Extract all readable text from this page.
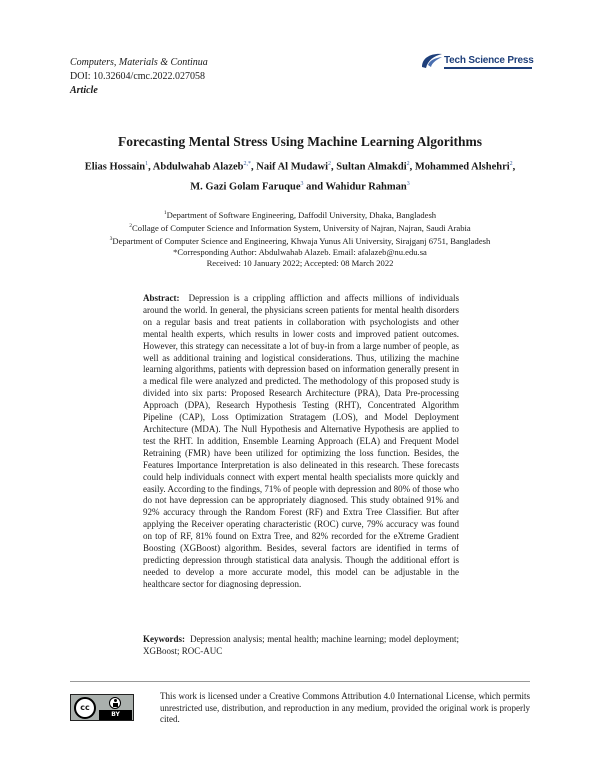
Computers, Materials & Continua
DOI: 10.32604/cmc.2022.027058
Article
Tech Science Press
Forecasting Mental Stress Using Machine Learning Algorithms
Elias Hossain$^1$, Abdulwahab Alazeb$^{2,*}$, Naif Al Mudawi$^2$, Sultan Almakdi$^2$, Mohammed Alshehri$^2$,
M. Gazi Golam Faruque$^3$ and Wahidur Rahman$^3$
$^1$Department of Software Engineering, Daffodil University, Dhaka, Bangladesh
$^2$Collage of Computer Science and Information System, University of Najran, Najran, Saudi Arabia
$^3$Department of Computer Science and Engineering, Khwaja Yunus Ali University, Sirajganj 6751, Bangladesh
*Corresponding Author: Abdulwahab Alazeb. Email: afalazeb@nu.edu.sa
Received: 10 January 2022; Accepted: 08 March 2022
Abstract: Depression is a crippling affliction and affects millions of individuals around the world. In general, the physicians screen patients for mental health disorders on a regular basis and treat patients in collaboration with psychologists and other mental health experts, which results in lower costs and improved patient outcomes. However, this strategy can necessitate a lot of buy-in from a large number of people, as well as additional training and logistical considerations. Thus, utilizing the machine learning algorithms, patients with depression based on information generally present in a medical file were analyzed and predicted. The methodology of this proposed study is divided into six parts: Proposed Research Architecture (PRA), Data Pre-processing Approach (DPA), Research Hypothesis Testing (RHT), Concentrated Algorithm Pipeline (CAP), Loss Optimization Stratagem (LOS), and Model Deployment Architecture (MDA). The Null Hypothesis and Alternative Hypothesis are applied to test the RHT. In addition, Ensemble Learning Approach (ELA) and Frequent Model Retraining (FMR) have been utilized for optimizing the loss function. Besides, the Features Importance Interpretation is also delineated in this research. These forecasts could help individuals connect with expert mental health specialists more quickly and easily. According to the findings, 71% of people with depression and 80% of those who do not have depression can be appropriately diagnosed. This study obtained 91% and 92% accuracy through the Random Forest (RF) and Extra Tree Classifier. But after applying the Receiver operating characteristic (ROC) curve, 79% accuracy was found on top of RF, 81% found on Extra Tree, and 82% recorded for the eXtreme Gradient Boosting (XGBoost) algorithm. Besides, several factors are identified in terms of predicting depression through statistical data analysis. Though the additional effort is needed to develop a more accurate model, this model can be adjustable in the healthcare sector for diagnosing depression.
Keywords: Depression analysis; mental health; machine learning; model deployment; XGBoost; ROC-AUC
cc
BY
This work is licensed under a Creative Commons Attribution 4.0 International License, which permits unrestricted use, distribution, and reproduction in any medium, provided the original work is properly cited.
